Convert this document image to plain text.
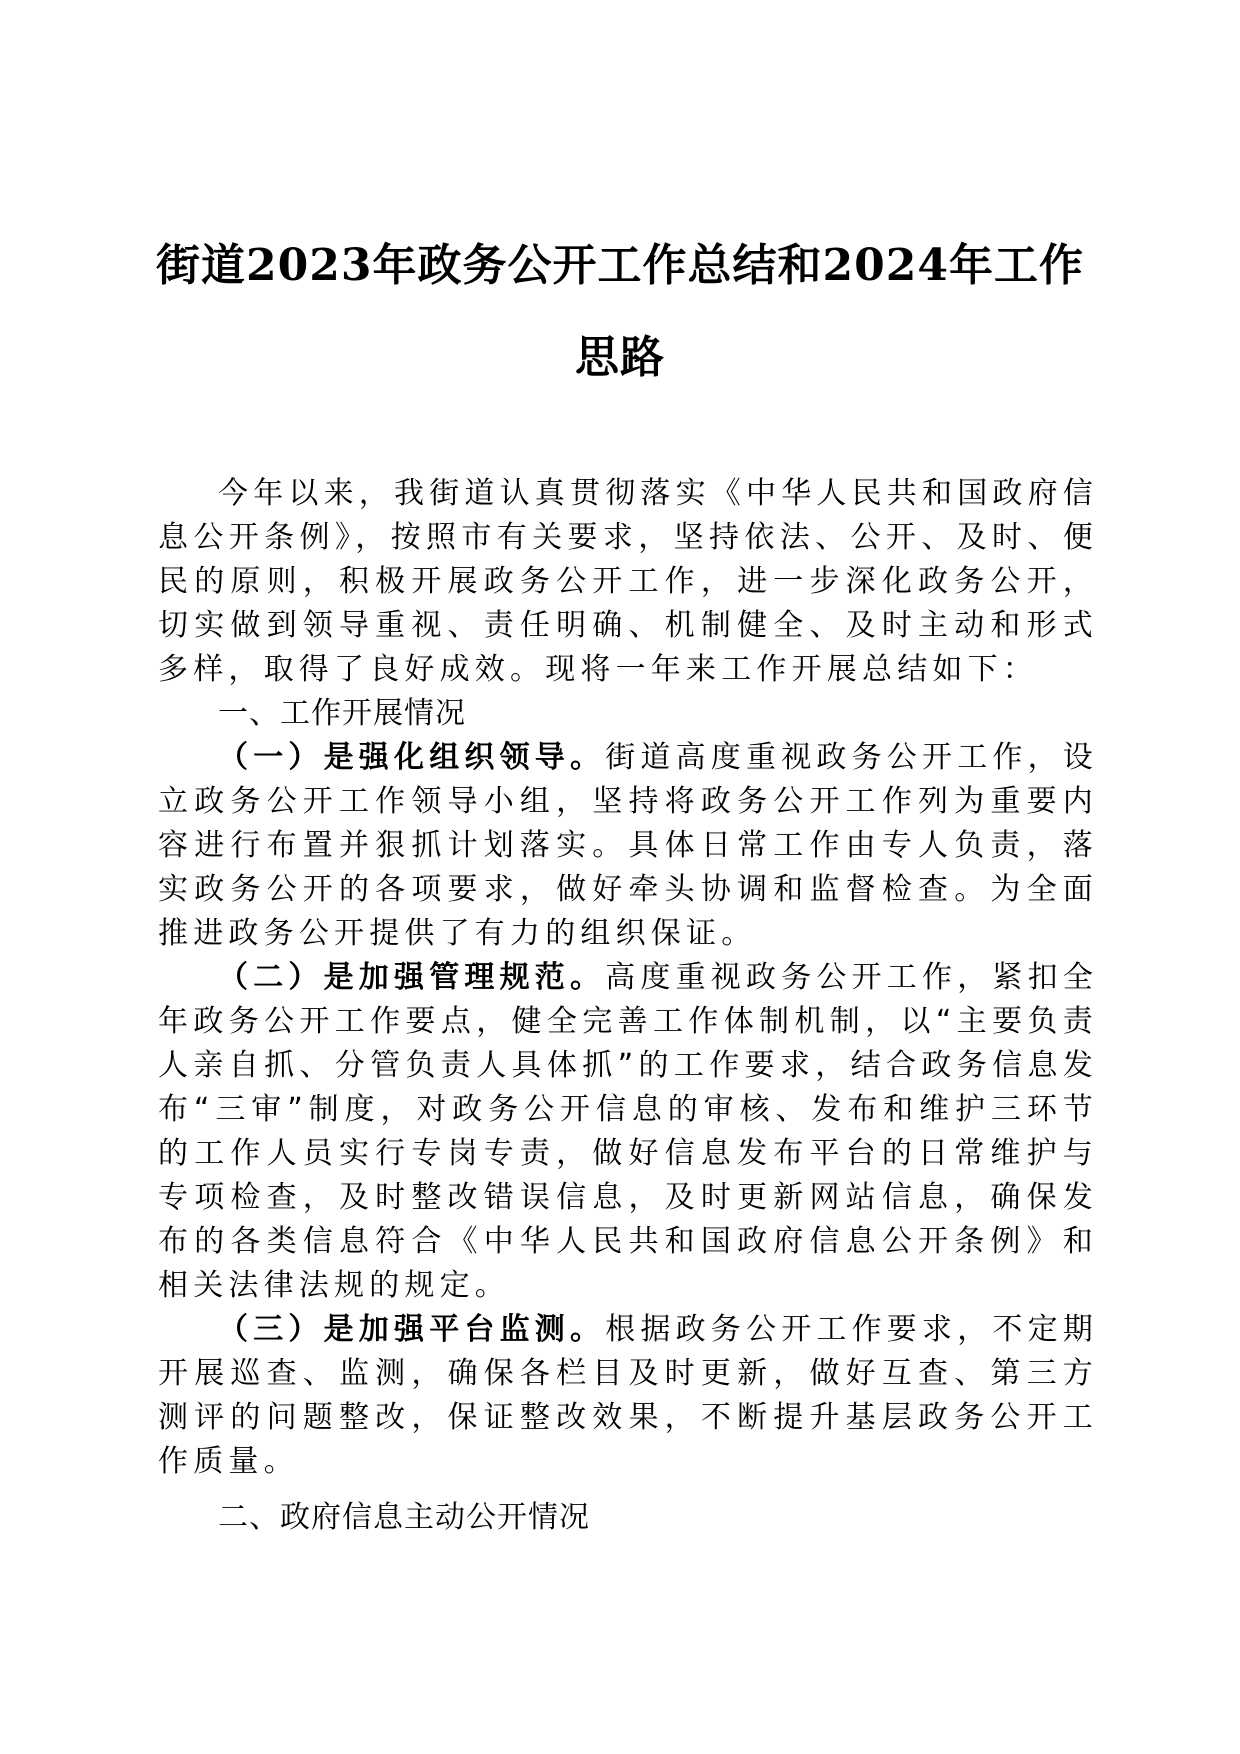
街道2023年政务公开工作总结和2024年工作
思路

今年以来，我街道认真贯彻落实《中华人民共和国政府信息公开条例》，按照市有关要求，坚持依法、公开、及时、便民的原则，积极开展政务公开工作，进一步深化政务公开，切实做到领导重视、责任明确、机制健全、及时主动和形式多样，取得了良好成效。现将一年来工作开展总结如下：

一、工作开展情况

（一）是强化组织领导。街道高度重视政务公开工作，设立政务公开工作领导小组，坚持将政务公开工作列为重要内容进行布置并狠抓计划落实。具体日常工作由专人负责，落实政务公开的各项要求，做好牵头协调和监督检查。为全面推进政务公开提供了有力的组织保证。

（二）是加强管理规范。高度重视政务公开工作，紧扣全年政务公开工作要点，健全完善工作体制机制，以“主要负责人亲自抓、分管负责人具体抓”的工作要求，结合政务信息发布“三审”制度，对政务公开信息的审核、发布和维护三环节的工作人员实行专岗专责，做好信息发布平台的日常维护与专项检查，及时整改错误信息，及时更新网站信息，确保发布的各类信息符合《中华人民共和国政府信息公开条例》和相关法律法规的规定。

（三）是加强平台监测。根据政务公开工作要求，不定期开展巡查、监测，确保各栏目及时更新，做好互查、第三方测评的问题整改，保证整改效果，不断提升基层政务公开工作质量。

二、政府信息主动公开情况
